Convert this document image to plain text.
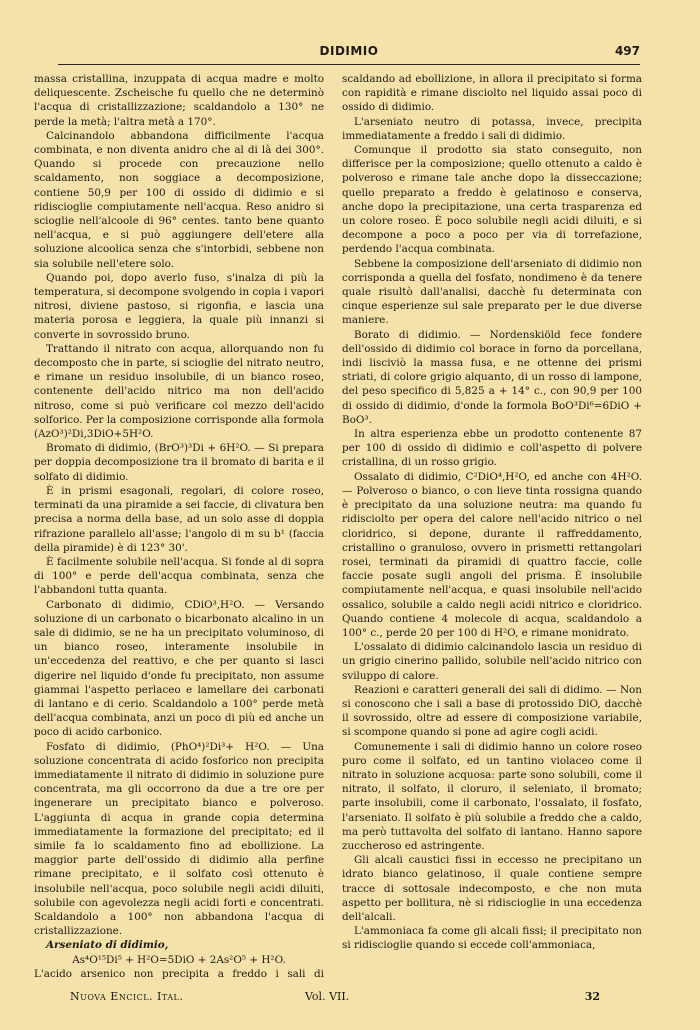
DIDIMIO	497

massa cristallina, inzuppata di acqua madre e molto deliquescente. Zscheische fu quello che ne determinò l'acqua di cristallizzazione; scaldandolo a 130° ne perde la metà; l'altra metà a 170°.

Calcinandolo abbandona difficilmente l'acqua combinata, e non diventa anidro che al di là dei 300°. Quando si procede con precauzione nello scaldamento, non soggiace a decomposizione, contiene 50,9 per 100 di ossido di didimio e si ridiscioglie compiutamente nell'acqua. Reso anidro si scioglie nell'alcoole di 96° centes. tanto bene quanto nell'acqua, e si può aggiungere dell'etere alla soluzione alcoolica senza che s'intorbidi, sebbene non sia solubile nell'etere solo.

Quando poi, dopo averlo fuso, s'inalza di più la temperatura, si decompone svolgendo in copia i vapori nitrosi, diviene pastoso, si rigonfia, e lascia una materia porosa e leggiera, la quale più innanzi si converte in sovrossido bruno.

Trattando il nitrato con acqua, allorquando non fu decomposto che in parte, si scioglie del nitrato neutro, e rimane un residuo insolubile, di un bianco roseo, contenente dell'acido nitrico ma non dell'acido nitroso, come si può verificare col mezzo dell'acido solforico. Per la composizione corrisponde alla formola (AzO³)²Di,3DiO+5H²O.

Bromato di didimio, (BrO³)³Di + 6H²O. — Si prepara per doppia decomposizione tra il bromato di barita e il solfato di didimio.

È in prismi esagonali, regolari, di colore roseo, terminati da una piramide a sei faccie, di clivatura ben precisa a norma della base, ad un solo asse di doppia rifrazione parallelo all'asse; l'angolo di m su b¹ (faccia della piramide) è di 123° 30'.

È facilmente solubile nell'acqua. Si fonde al di sopra di 100° e perde dell'acqua combinata, senza che l'abbandoni tutta quanta.

Carbonato di didimio, CDiO³,H²O. — Versando soluzione di un carbonato o bicarbonato alcalino in un sale di didimio, se ne ha un precipitato voluminoso, di un bianco roseo, interamente insolubile in un'eccedenza del reattivo, e che per quanto si lasci digerire nel liquido d'onde fu precipitato, non assume giammai l'aspetto perlaceo e lamellare dei carbonati di lantano e di cerio. Scaldandolo a 100° perde metà dell'acqua combinata, anzi un poco di più ed anche un poco di acido carbonico.

Fosfato di didimio, (PhO⁴)²Di³+ H²O. — Una soluzione concentrata di acido fosforico non precipita immediatamente il nitrato di didimio in soluzione pure concentrata, ma gli occorrono da due a tre ore per ingenerare un precipitato bianco e polveroso. L'aggiunta di acqua in grande copia determina immediatamente la formazione del precipitato; ed il simile fa lo scaldamento fino ad ebollizione. La maggior parte dell'ossido di didimio alla perfine rimane precipitato, e il solfato così ottenuto è insolubile nell'acqua, poco solubile negli acidi diluiti, solubile con agevolezza negli acidi forti e concentrati. Scaldandolo a 100° non abbandona l'acqua di cristallizzazione.

Arseniato di didimio,

As⁴O¹⁵Di⁵ + H²O=5DiO + 2As²O⁵ + H²O.

L'acido arsenico non precipita a freddo i sali di

scaldando ad ebollizione, in allora il precipitato si forma con rapidità e rimane disciolto nel liquido assai poco di ossido di didimio.

L'arseniato neutro di potassa, invece, precipita immediatamente a freddo i sali di didimio.

Comunque il prodotto sia stato conseguito, non differisce per la composizione; quello ottenuto a caldo è polveroso e rimane tale anche dopo la disseccazione; quello preparato a freddo è gelatinoso e conserva, anche dopo la precipitazione, una certa trasparenza ed un colore roseo. È poco solubile negli acidi diluiti, e si decompone a poco a poco per via di torrefazione, perdendo l'acqua combinata.

Sebbene la composizione dell'arseniato di didimio non corrisponda a quella del fosfato, nondimeno è da tenere quale risultò dall'analisi, dacchè fu determinata con cinque esperienze sul sale preparato per le due diverse maniere.

Borato di didimio. — Nordenskiöld fece fondere dell'ossido di didimio col borace in forno da porcellana, indi lisciviò la massa fusa, e ne ottenne dei prismi striati, di colore grigio alquanto, di un rosso di lampone, del peso specifico di 5,825 a + 14° c., con 90,9 per 100 di ossido di didimio, d'onde la formola BoO³Di⁶=6DiO + BoO³.

In altra esperienza ebbe un prodotto contenente 87 per 100 di ossido di didimio e coll'aspetto di polvere cristallina, di un rosso grigio.

Ossalato di didimio, C²DiO⁴,H²O, ed anche con 4H²O. — Polveroso o bianco, o con lieve tinta rossigna quando è precipitato da una soluzione neutra: ma quando fu ridisciolto per opera del calore nell'acido nitrico o nel cloridrico, si depone, durante il raffreddamento, cristallino o granuloso, ovvero in prismetti rettangolari rosei, terminati da piramidi di quattro faccie, colle faccie posate sugli angoli del prisma. È insolubile compiutamente nell'acqua, e quasi insolubile nell'acido ossalico, solubile a caldo negli acidi nitrico e cloridrico. Quando contiene 4 molecole di acqua, scaldandolo a 100° c., perde 20 per 100 di H²O, e rimane monidrato.

L'ossalato di didimio calcinandolo lascia un residuo di un grigio cinerino pallido, solubile nell'acido nitrico con sviluppo di calore.

Reazioni e caratteri generali dei sali di didimo. — Non si conoscono che i sali a base di protossido DiO, dacchè il sovrossido, oltre ad essere di composizione variabile, si scompone quando si pone ad agire cogli acidi.

Comunemente i sali di didimio hanno un colore roseo puro come il solfato, ed un tantino violaceo come il nitrato in soluzione acquosa: parte sono solubili, come il nitrato, il solfato, il cloruro, il seleniato, il bromato; parte insolubili, come il carbonato, l'ossalato, il fosfato, l'arseniato. Il solfato è più solubile a freddo che a caldo, ma però tuttavolta del solfato di lantano. Hanno sapore zuccheroso ed astringente.

Gli alcali caustici fissi in eccesso ne precipitano un idrato bianco gelatinoso, il quale contiene sempre tracce di sottosale indecomposto, e che non muta aspetto per bollitura, nè si ridiscioglie in una eccedenza dell'alcali.

L'ammoniaca fa come gli alcali fissi; il precipitato non si ridiscioglie quando si eccede coll'ammoniaca,

Nuova Encicl. Ital.	Vol. VII.	32
